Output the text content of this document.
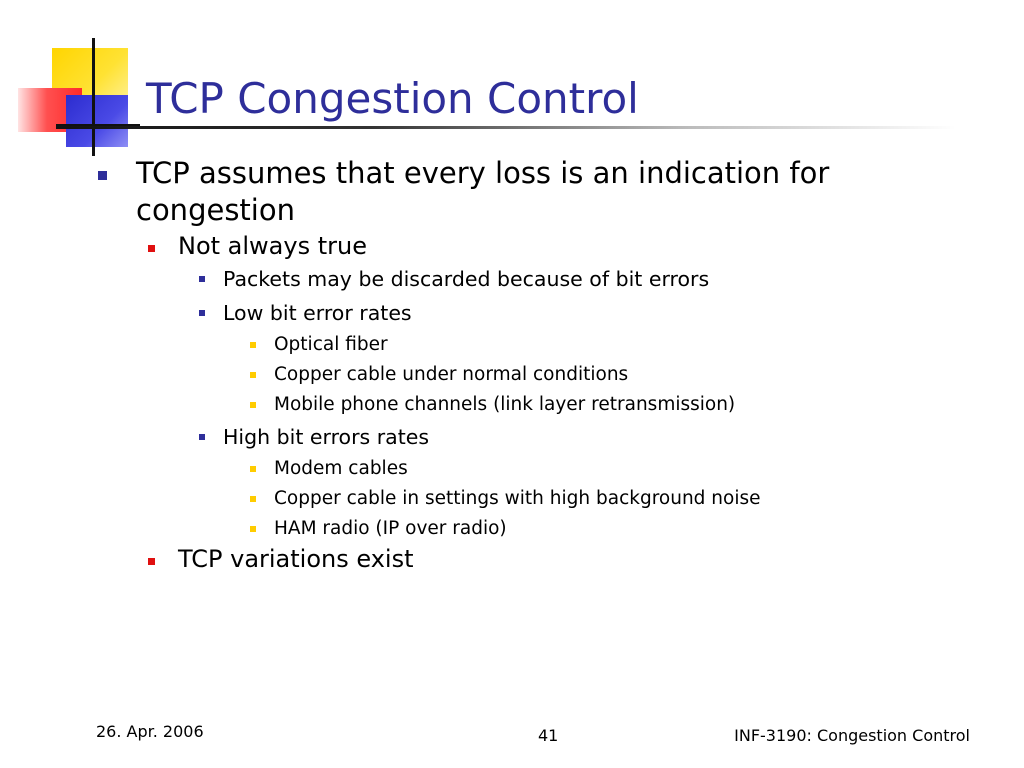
TCP Congestion Control
TCP assumes that every loss is an indication for
congestion
Not always true
Packets may be discarded because of bit errors
Low bit error rates
Optical fiber
Copper cable under normal conditions
Mobile phone channels (link layer retransmission)
High bit errors rates
Modem cables
Copper cable in settings with high background noise
HAM radio (IP over radio)
TCP variations exist
26. Apr. 2006	41	INF-3190: Congestion Control
